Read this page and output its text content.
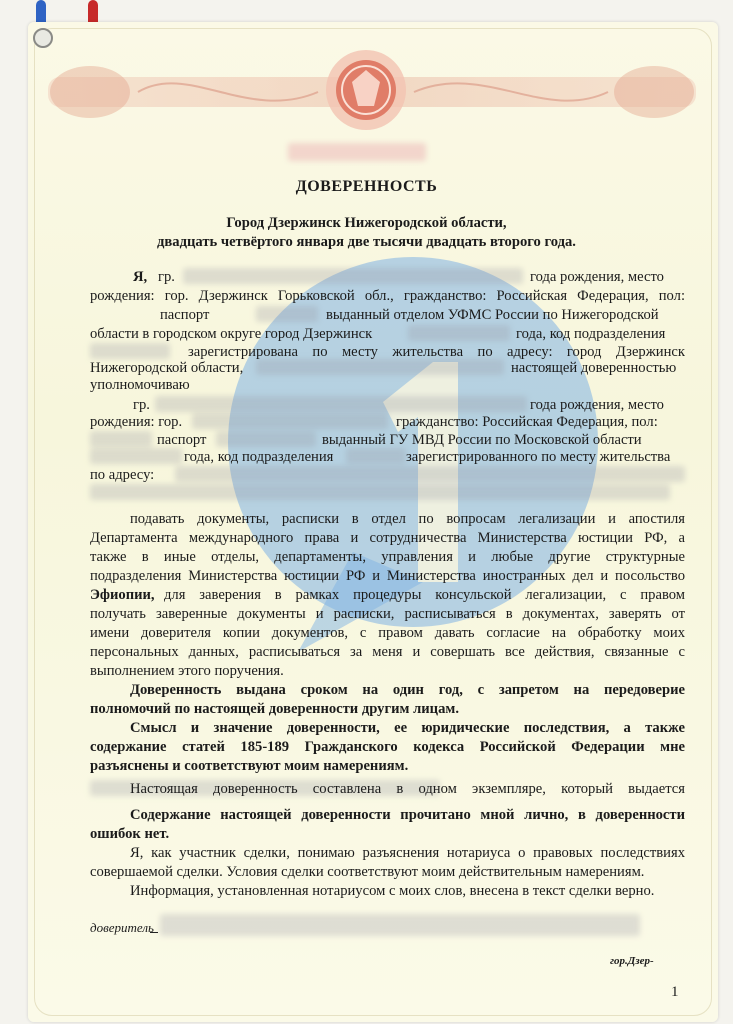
ДОВЕРЕННОСТЬ
Город Дзержинск Нижегородской области,
двадцать четвёртого января две тысячи двадцать второго года.
Я, гр.	года рождения, место
рождения: гор. Дзержинск Горьковской обл., гражданство: Российская Федерация, пол:
паспорт	выданный отделом УФМС России по Нижегородской
области в городском округе город Дзержинск	года, код подразделения
зарегистрирована по месту жительства по адресу: город Дзержинск
Нижегородской области,	настоящей доверенностью
уполномочиваю
гр.	года рождения, место
рождения: гор.	гражданство: Российская Федерация, пол:
паспорт	выданный ГУ МВД России по Московской области
года, код подразделения	зарегистрированного по месту жительства
по адресу:
подавать документы, расписки в отдел по вопросам легализации и апостиля
Департамента международного права и сотрудничества Министерства юстиции РФ, а
также в иные отделы, департаменты, управления и любые другие структурные
подразделения Министерства юстиции РФ и Министерства иностранных дел и посольство
Эфиопии, для заверения в рамках процедуры консульской легализации, с правом
получать заверенные документы и расписки, расписываться в документах, заверять от
имени доверителя копии документов, с правом давать согласие на обработку моих
персональных данных, расписываться за меня и совершать все действия, связанные с
выполнением этого поручения.
Доверенность выдана сроком на один год, с запретом на передоверие
полномочий по настоящей доверенности другим лицам.
Смысл и значение доверенности, ее юридические последствия, а также
содержание статей 185-189 Гражданского кодекса Российской Федерации мне
разъяснены и соответствуют моим намерениям.
Настоящая доверенность составлена в одном экземпляре, который выдается
Содержание настоящей доверенности прочитано мной лично, в доверенности
ошибок нет.
Я, как участник сделки, понимаю разъяснения нотариуса о правовых последствиях
совершаемой сделки. Условия сделки соответствуют моим действительным намерениям.
Информация, установленная нотариусом с моих слов, внесена в текст сделки верно.
доверитель
гор.Дзер-
1
